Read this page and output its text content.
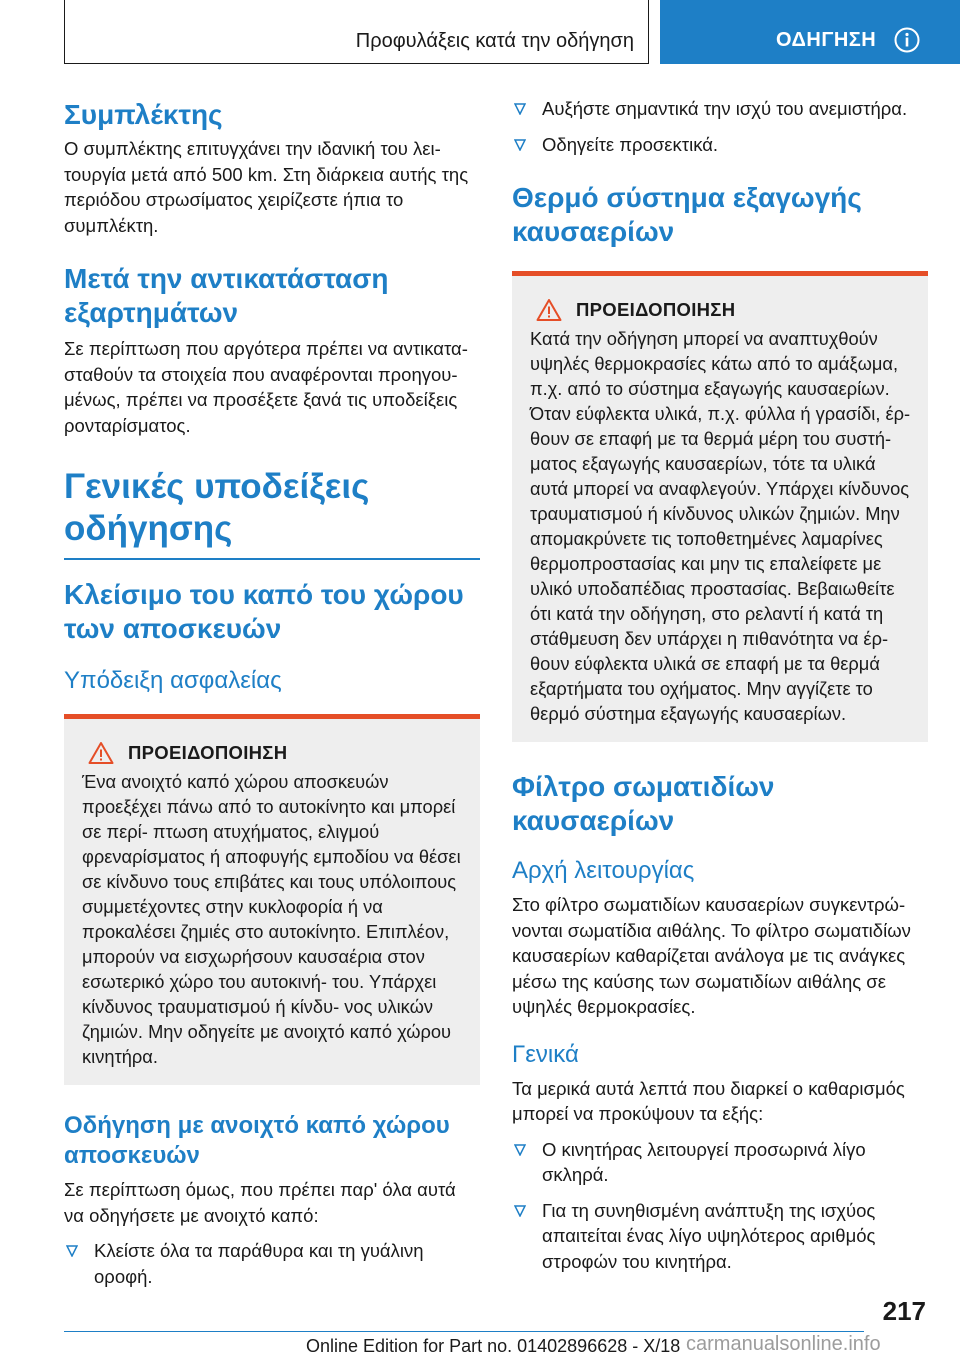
Προφυλάξεις κατά την οδήγηση	ΟΔΗΓΗΣΗ
Συμπλέκτης

Ο συμπλέκτης επιτυγχάνει την ιδανική του λει- τουργία μετά από 500 km. Στη διάρκεια αυτής της περιόδου στρωσίματος χειρίζεστε ήπια το συμπλέκτη.

Μετά την αντικατάσταση εξαρτημάτων

Σε περίπτωση που αργότερα πρέπει να αντικατα- σταθούν τα στοιχεία που αναφέρονται προηγου- μένως, πρέπει να προσέξετε ξανά τις υποδείξεις ρονταρίσματος.

Γενικές υποδείξεις οδήγησης
Κλείσιμο του καπό του χώρου των αποσκευών
Υπόδειξη ασφαλείας
ΠΡΟΕΙΔΟΠΟΙΗΣΗ

Ένα ανοιχτό καπό χώρου αποσκευών προεξέχει πάνω από το αυτοκίνητο και μπορεί σε περί- πτωση ατυχήματος, ελιγμού φρεναρίσματος ή αποφυγής εμποδίου να θέσει σε κίνδυνο τους επιβάτες και τους υπόλοιπους συμμετέχοντες στην κυκλοφορία ή να προκαλέσει ζημιές στο αυτοκίνητο. Επιπλέον, μπορούν να εισχωρήσουν καυσαέρια στον εσωτερικό χώρο του αυτοκινή- του. Υπάρχει κίνδυνος τραυματισμού ή κίνδυ- νος υλικών ζημιών. Μην οδηγείτε με ανοιχτό καπό χώρου κινητήρα.

Οδήγηση με ανοιχτό καπό χώρου αποσκευών

Σε περίπτωση όμως, που πρέπει παρ' όλα αυτά να οδηγήσετε με ανοιχτό καπό:

Κλείστε όλα τα παράθυρα και τη γυάλινη οροφή.
Αυξήστε σημαντικά την ισχύ του ανεμιστήρα.
Οδηγείτε προσεκτικά.
Θερμό σύστημα εξαγωγής καυσαερίων
ΠΡΟΕΙΔΟΠΟΙΗΣΗ

Κατά την οδήγηση μπορεί να αναπτυχθούν υψηλές θερμοκρασίες κάτω από το αμάξωμα, π.χ. από το σύστημα εξαγωγής καυσαερίων. Όταν εύφλεκτα υλικά, π.χ. φύλλα ή γρασίδι, έρ- θουν σε επαφή με τα θερμά μέρη του συστή- ματος εξαγωγής καυσαερίων, τότε τα υλικά αυτά μπορεί να αναφλεγούν. Υπάρχει κίνδυνος τραυματισμού ή κίνδυνος υλικών ζημιών. Μην απομακρύνετε τις τοποθετημένες λαμαρίνες θερμοπροστασίας και μην τις επαλείφετε με υλικό υποδαπέδιας προστασίας. Βεβαιωθείτε ότι κατά την οδήγηση, στο ρελαντί ή κατά τη στάθμευση δεν υπάρχει η πιθανότητα να έρ- θουν εύφλεκτα υλικά σε επαφή με τα θερμά εξαρτήματα του οχήματος. Μην αγγίζετε το θερμό σύστημα εξαγωγής καυσαερίων.

Φίλτρο σωματιδίων καυσαερίων
Αρχή λειτουργίας

Στο φίλτρο σωματιδίων καυσαερίων συγκεντρώ- νονται σωματίδια αιθάλης. Το φίλτρο σωματιδίων καυσαερίων καθαρίζεται ανάλογα με τις ανάγκες μέσω της καύσης των σωματιδίων αιθάλης σε υψηλές θερμοκρασίες.

Γενικά

Τα μερικά αυτά λεπτά που διαρκεί ο καθαρισμός μπορεί να προκύψουν τα εξής:

Ο κινητήρας λειτουργεί προσωρινά λίγο σκληρά.
Για τη συνηθισμένη ανάπτυξη της ισχύος απαιτείται ένας λίγο υψηλότερος αριθμός στροφών του κινητήρα.
217
Online Edition for Part no. 01402896628 - X/18 carmanualsonline.info
